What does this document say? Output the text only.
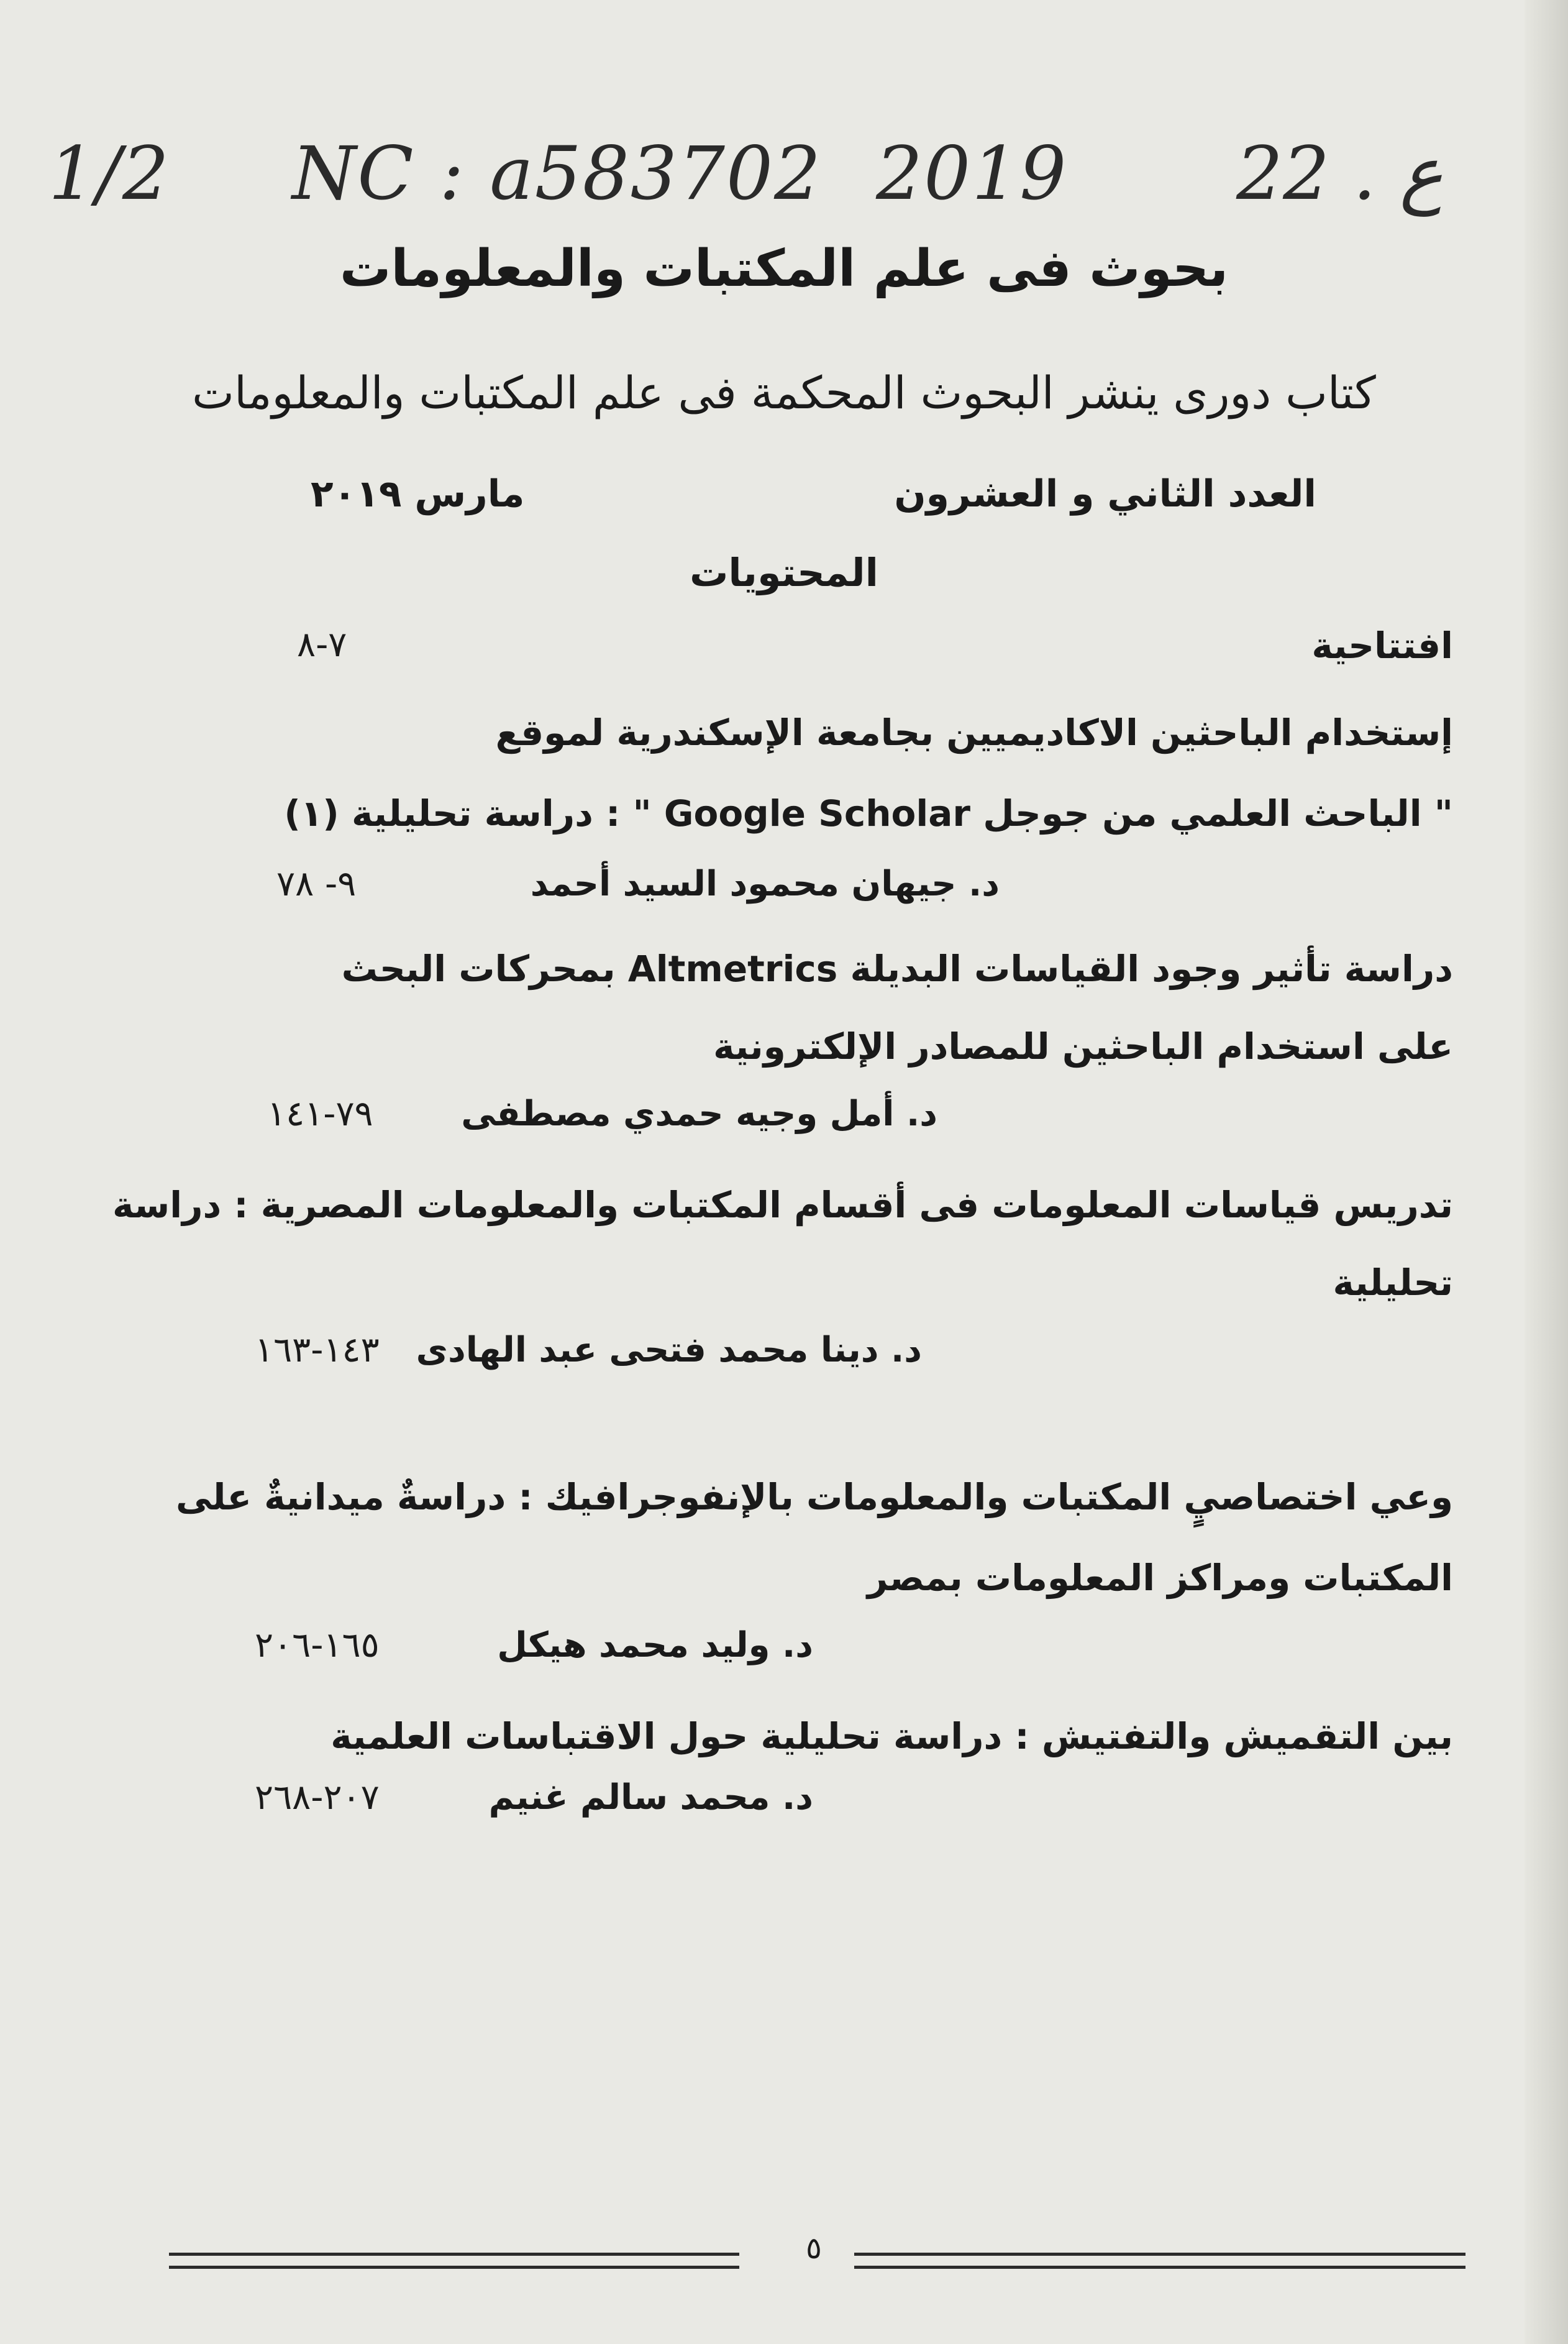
1/2 NC : a583702 2019 22 . ع
بحوث فى علم المكتبات والمعلومات
كتاب دورى ينشر البحوث المحكمة فى علم المكتبات والمعلومات
العدد الثاني و العشرون
مارس ٢٠١٩
المحتويات
افتتاحية
٧-٨
إستخدام الباحثين الاكاديميين بجامعة الإسكندرية لموقع
" الباحث العلمي من جوجل Google Scholar " : دراسة تحليلية (١)
د. جيهان محمود السيد أحمد
٩- ٧٨
دراسة تأثير وجود القياسات البديلة Altmetrics بمحركات البحث
على استخدام الباحثين للمصادر الإلكترونية
د. أمل وجيه حمدي مصطفى
٧٩-١٤١
تدريس قياسات المعلومات فى أقسام المكتبات والمعلومات المصرية : دراسة
تحليلية
د. دينا محمد فتحى عبد الهادى
١٤٣-١٦٣
وعي اختصاصيٍ المكتبات والمعلومات بالإنفوجرافيك : دراسةٌ ميدانيةٌ على
المكتبات ومراكز المعلومات بمصر
د. وليد محمد هيكل
١٦٥-٢٠٦
بين التقميش والتفتيش : دراسة تحليلية حول الاقتباسات العلمية
د. محمد سالم غنيم
٢٠٧-٢٦٨
٥
